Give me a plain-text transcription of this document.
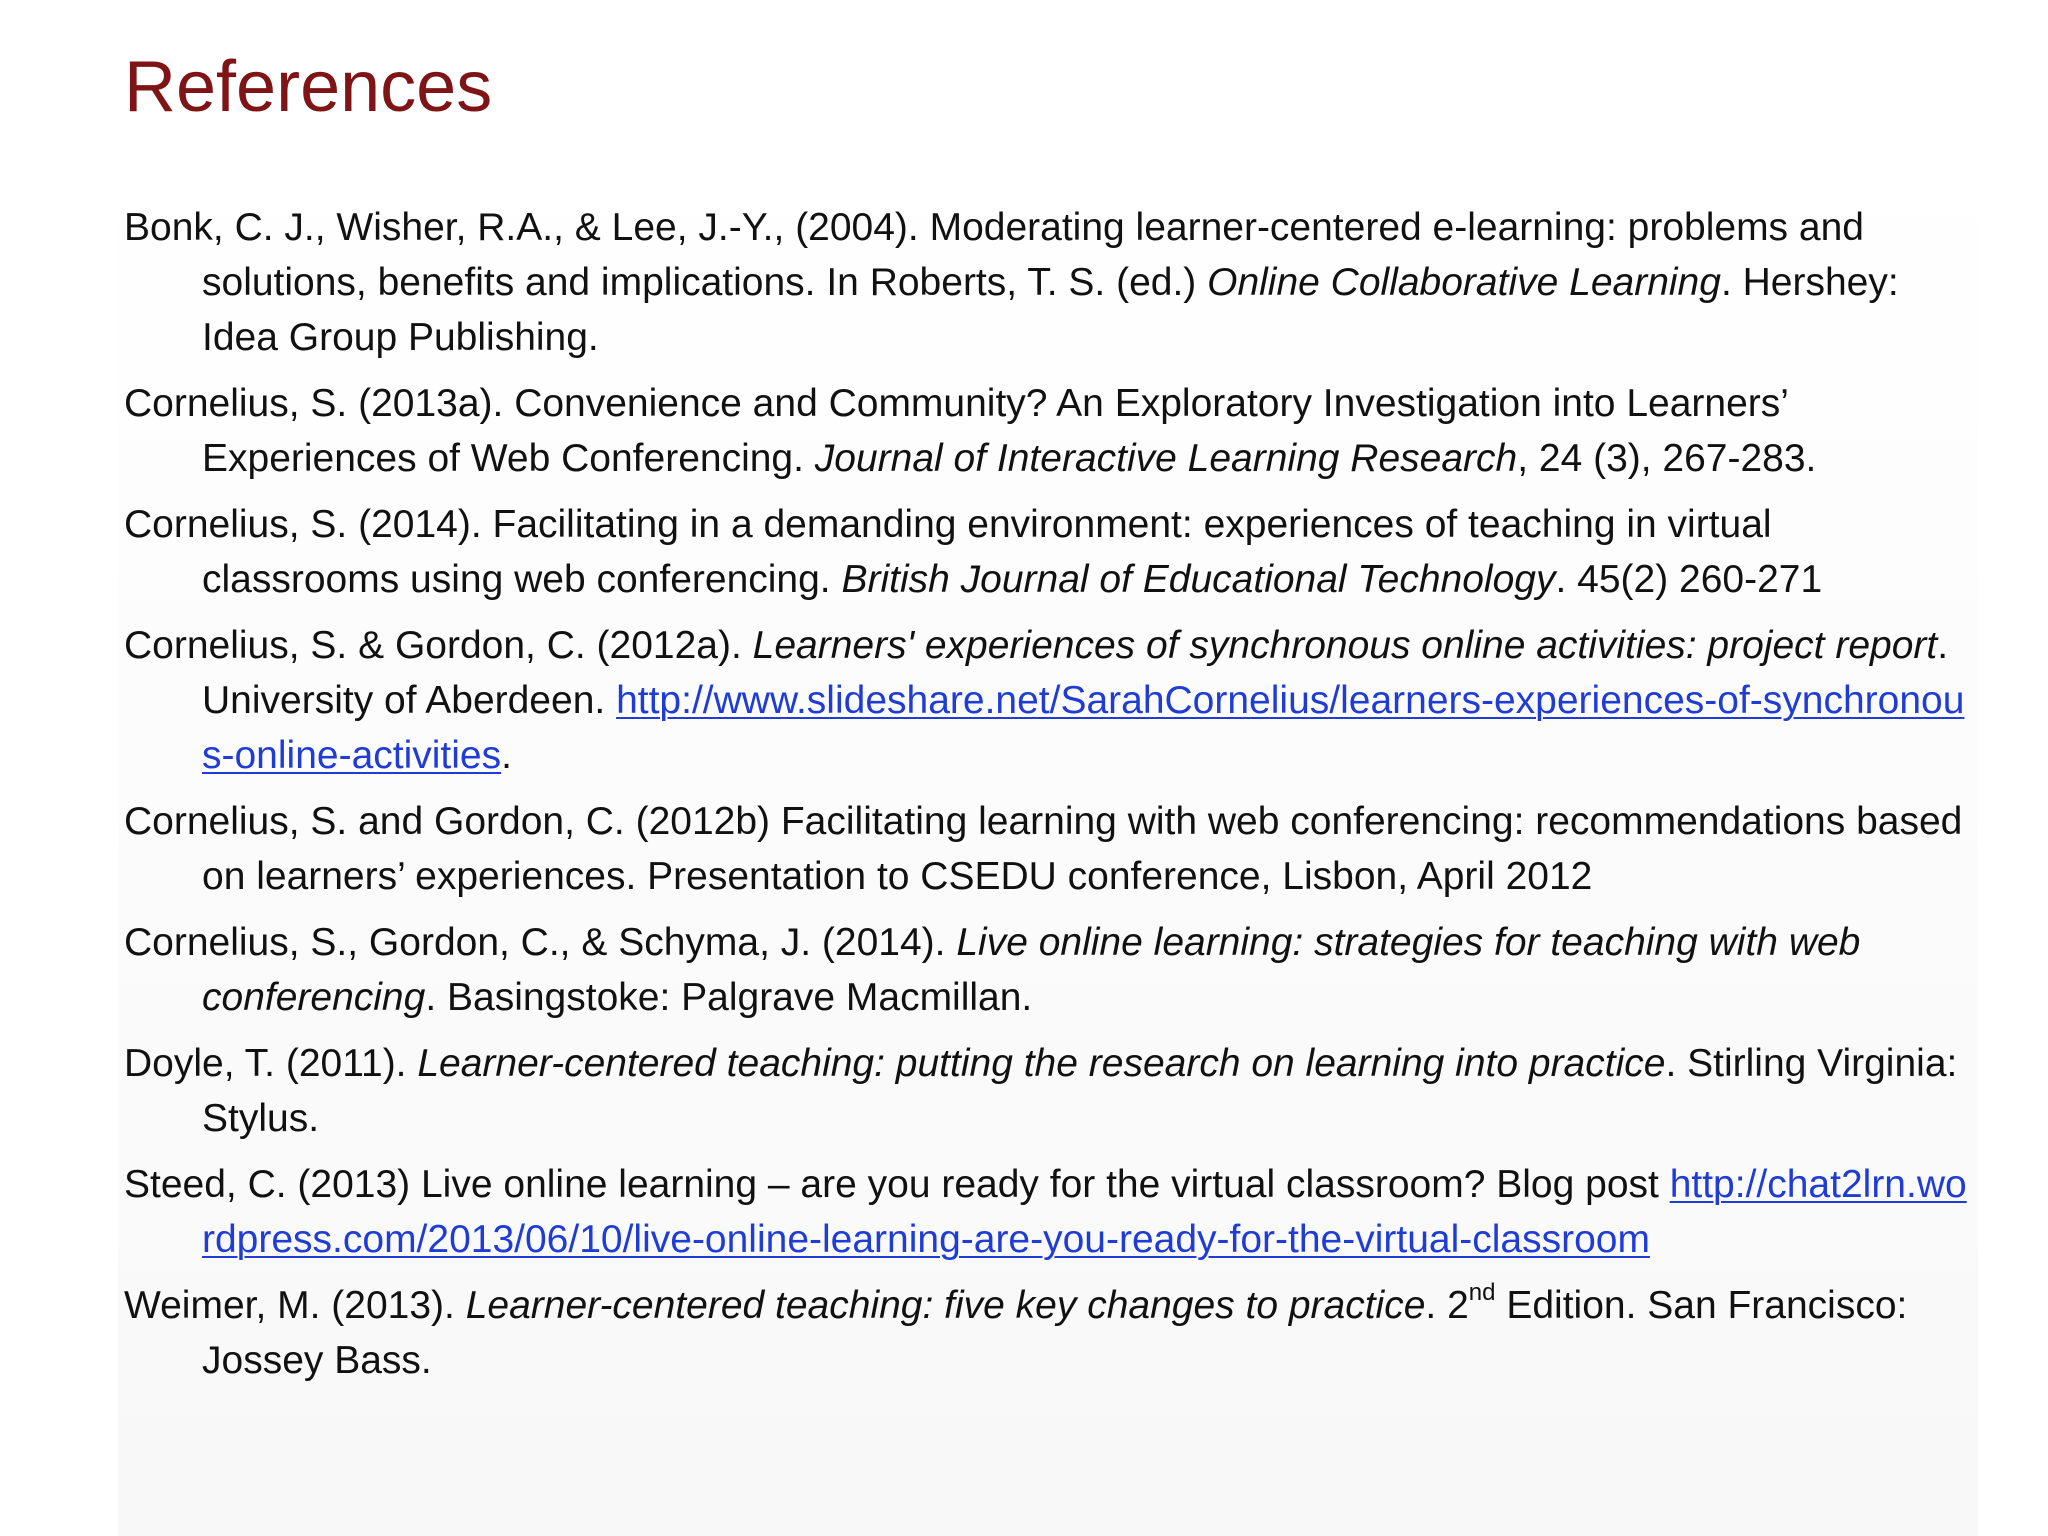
References
Bonk, C. J., Wisher, R.A., & Lee, J.-Y., (2004). Moderating learner-centered e-learning: problems and solutions, benefits and implications. In Roberts, T. S. (ed.) Online Collaborative Learning. Hershey: Idea Group Publishing.
Cornelius, S. (2013a). Convenience and Community? An Exploratory Investigation into Learners’ Experiences of Web Conferencing. Journal of Interactive Learning Research, 24 (3), 267-283.
Cornelius, S. (2014). Facilitating in a demanding environment: experiences of teaching in virtual classrooms using web conferencing. British Journal of Educational Technology. 45(2) 260-271
Cornelius, S. & Gordon, C. (2012a). Learners' experiences of synchronous online activities: project report. University of Aberdeen. http://www.slideshare.net/SarahCornelius/learners-experiences-of-synchronous-online-activities.
Cornelius, S. and Gordon, C. (2012b) Facilitating learning with web conferencing: recommendations based on learners’ experiences. Presentation to CSEDU conference, Lisbon, April 2012
Cornelius, S., Gordon, C., & Schyma, J. (2014). Live online learning: strategies for teaching with web conferencing. Basingstoke: Palgrave Macmillan.
Doyle, T. (2011). Learner-centered teaching: putting the research on learning into practice. Stirling Virginia: Stylus.
Steed, C. (2013) Live online learning – are you ready for the virtual classroom? Blog post http://chat2lrn.wordpress.com/2013/06/10/live-online-learning-are-you-ready-for-the-virtual-classroom
Weimer, M. (2013). Learner-centered teaching: five key changes to practice. 2nd Edition. San Francisco: Jossey Bass.
